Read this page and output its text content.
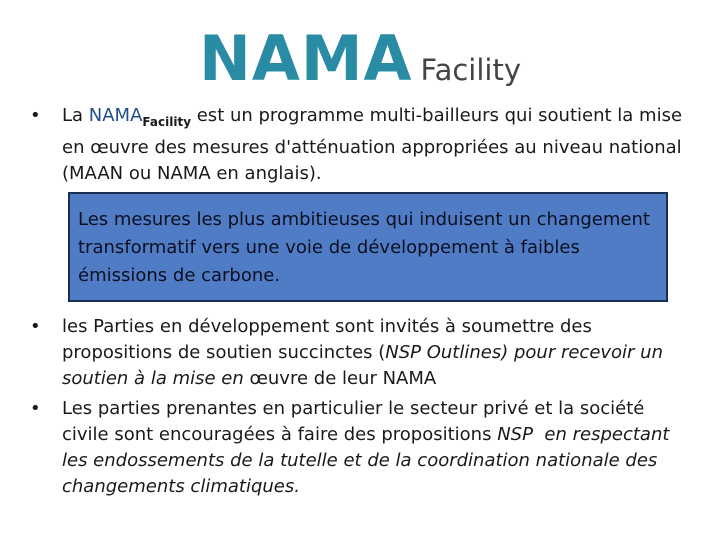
NAMA Facility
•	La $NAMA_{Facility}$ est un programme multi-bailleurs qui soutient la mise en œuvre des mesures d'atténuation appropriées au niveau national (MAAN ou NAMA en anglais).
Les mesures les plus ambitieuses qui induisent un changement transformatif vers une voie de développement à faibles émissions de carbone.
•	les Parties en développement sont invités à soumettre des propositions de soutien succinctes (NSP Outlines) pour recevoir un soutien à la mise en œuvre de leur NAMA
•	Les parties prenantes en particulier le secteur privé et la société civile sont encouragées à faire des propositions NSP en respectant les endossements de la tutelle et de la coordination nationale des changements climatiques.
